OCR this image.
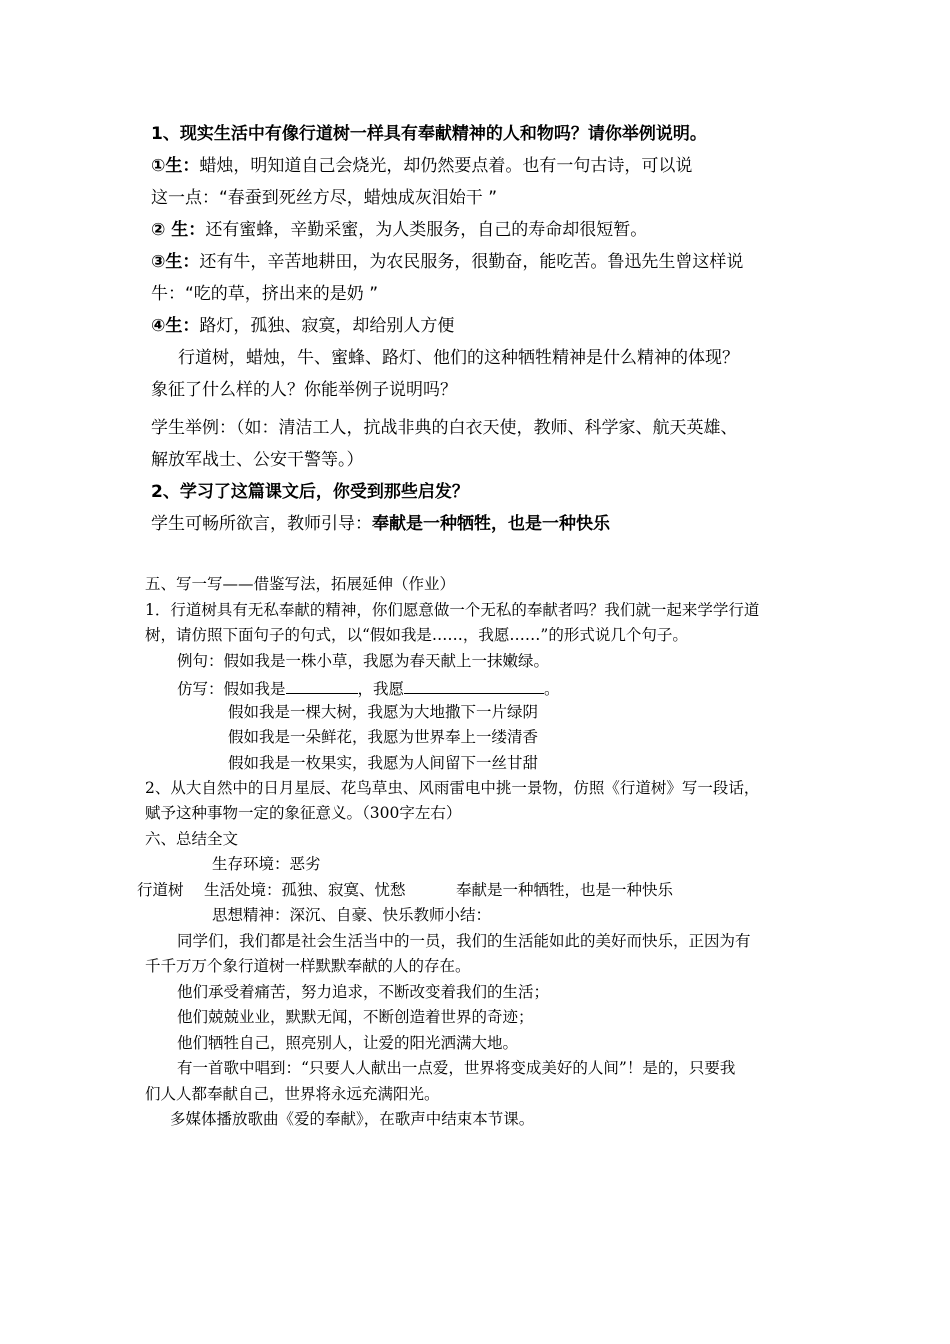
1、现实生活中有像行道树一样具有奉献精神的人和物吗？请你举例说明。
①生：蜡烛，明知道自己会烧光，却仍然要点着。也有一句古诗，可以说
这一点：“春蚕到死丝方尽，蜡烛成灰泪始干 ”
② 生：还有蜜蜂，辛勤采蜜，为人类服务，自己的寿命却很短暂。
③生：还有牛，辛苦地耕田，为农民服务，很勤奋，能吃苦。鲁迅先生曾这样说
牛：“吃的草，挤出来的是奶 ”
④生：路灯，孤独、寂寞，却给别人方便
行道树，蜡烛，牛、蜜蜂、路灯、他们的这种牺牲精神是什么精神的体现？
象征了什么样的人？你能举例子说明吗？
学生举例：（如：清洁工人，抗战非典的白衣天使，教师、科学家、航天英雄、
解放军战士、公安干警等。）
2、学习了这篇课文后，你受到那些启发？
学生可畅所欲言，教师引导：奉献是一种牺牲，也是一种快乐
五、写一写——借鉴写法，拓展延伸（作业）
1．行道树具有无私奉献的精神，你们愿意做一个无私的奉献者吗？我们就一起来学学行道
树，请仿照下面句子的句式，以“假如我是……，我愿……”的形式说几个句子。
例句：假如我是一株小草，我愿为春天献上一抹嫩绿。
仿写：假如我是	，我愿	。
假如我是一棵大树，我愿为大地撒下一片绿阴
假如我是一朵鲜花，我愿为世界奉上一缕清香
假如我是一枚果实，我愿为人间留下一丝甘甜
2、从大自然中的日月星辰、花鸟草虫、风雨雷电中挑一景物，仿照《行道树》写一段话，
赋予这种事物一定的象征意义。（300字左右）
六、总结全文
生存环境：恶劣
行道树 生活处境：孤独、寂寞、忧愁	奉献是一种牺牲，也是一种快乐
思想精神：深沉、自豪、快乐教师小结：
同学们，我们都是社会生活当中的一员，我们的生活能如此的美好而快乐，正因为有
千千万万个象行道树一样默默奉献的人的存在。
他们承受着痛苦，努力追求，不断改变着我们的生活；
他们兢兢业业，默默无闻，不断创造着世界的奇迹；
他们牺牲自己，照亮别人，让爱的阳光洒满大地。
有一首歌中唱到：“只要人人献出一点爱，世界将变成美好的人间”！是的，只要我
们人人都奉献自己，世界将永远充满阳光。
多媒体播放歌曲《爱的奉献》，在歌声中结束本节课。
